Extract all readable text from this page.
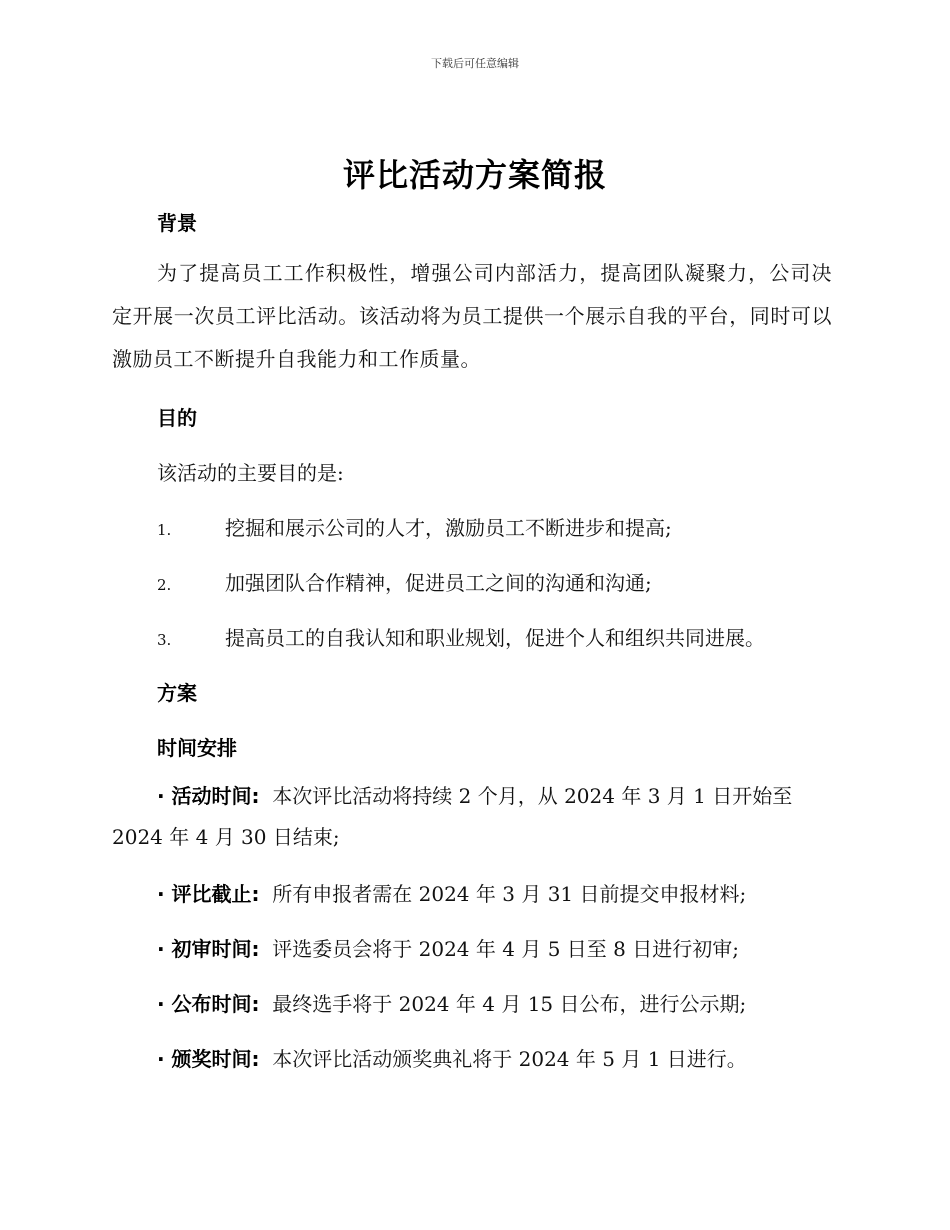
下载后可任意编辑
评比活动方案简报
背景
为了提高员工工作积极性，增强公司内部活力，提高团队凝聚力，公司决定开展一次员工评比活动。该活动将为员工提供一个展示自我的平台，同时可以激励员工不断提升自我能力和工作质量。
目的
该活动的主要目的是:
1.	挖掘和展示公司的人才，激励员工不断进步和提高;
2.	加强团队合作精神，促进员工之间的沟通和沟通;
3.	提高员工的自我认知和职业规划，促进个人和组织共同进展。
方案
时间安排
· 活动时间: 本次评比活动将持续 2 个月，从 2024 年 3 月 1 日开始至 2024 年 4 月 30 日结束;
· 评比截止: 所有申报者需在 2024 年 3 月 31 日前提交申报材料;
· 初审时间: 评选委员会将于 2024 年 4 月 5 日至 8 日进行初审;
· 公布时间: 最终选手将于 2024 年 4 月 15 日公布，进行公示期;
· 颁奖时间: 本次评比活动颁奖典礼将于 2024 年 5 月 1 日进行。
